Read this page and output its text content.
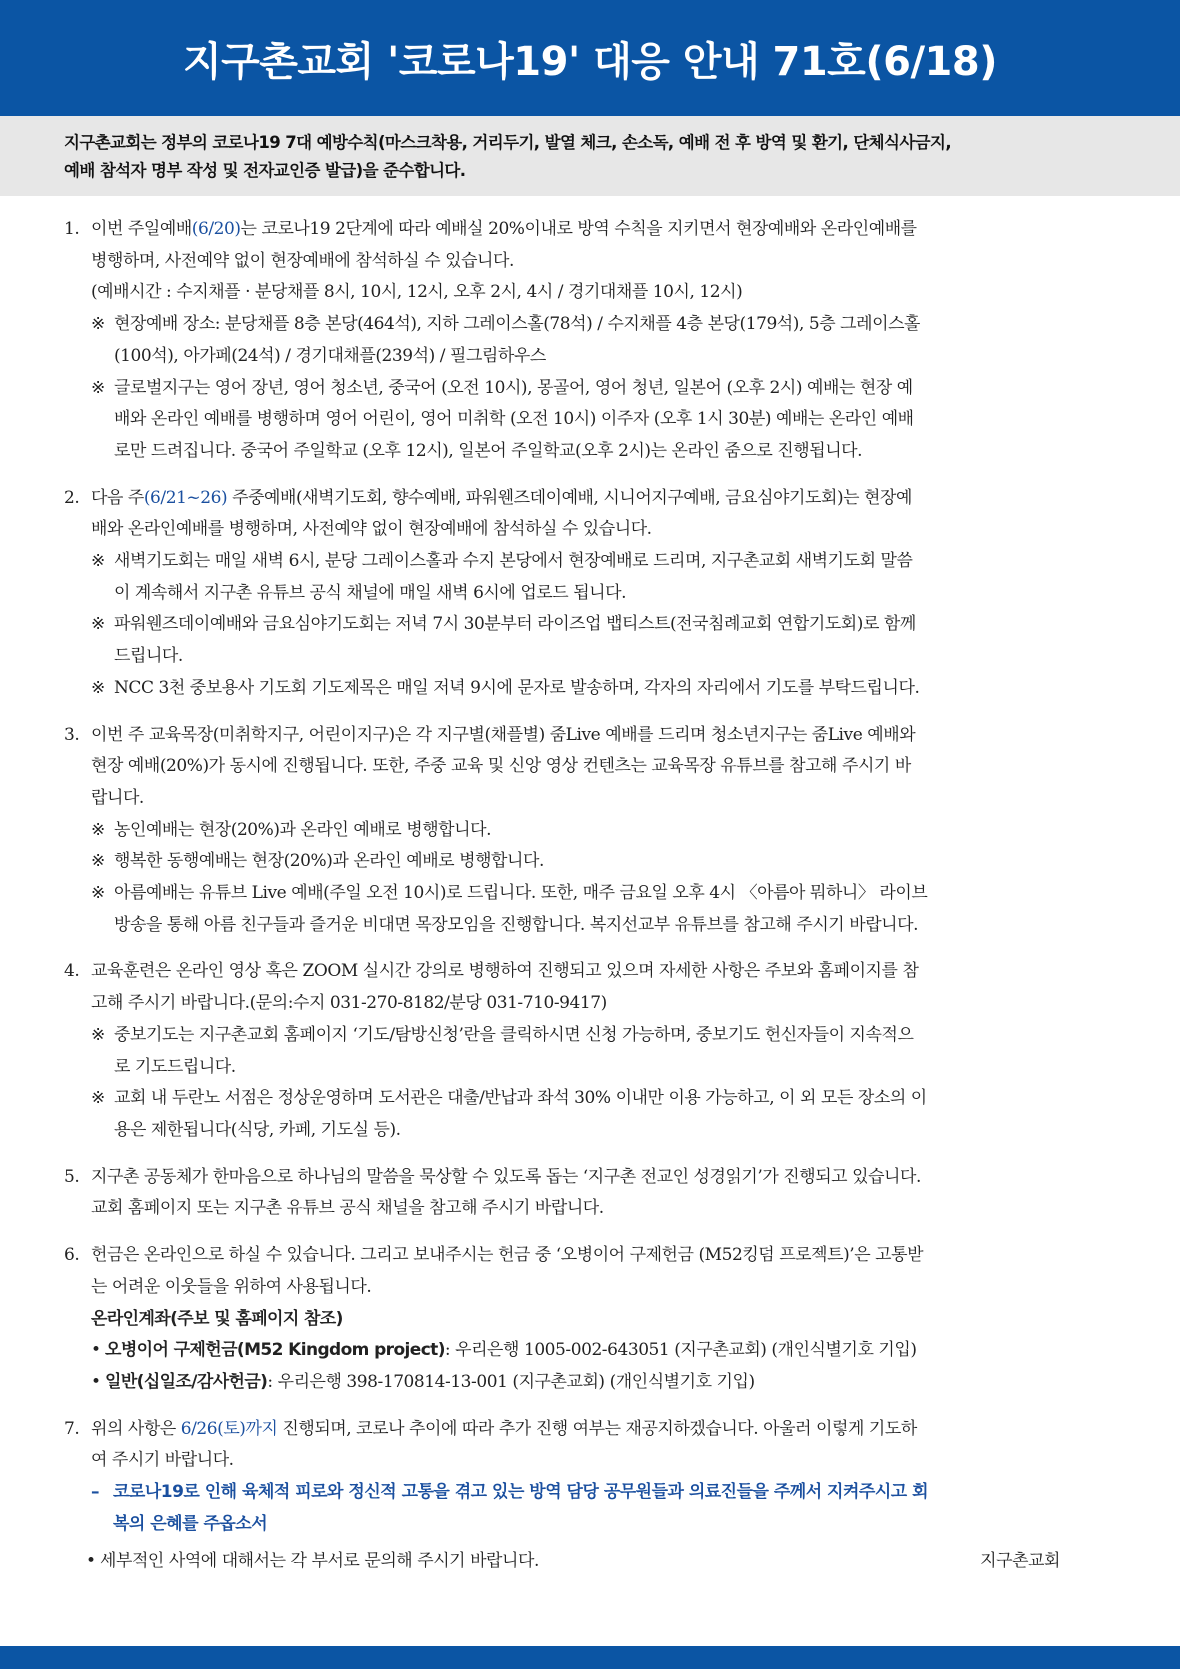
지구촌교회 '코로나19' 대응 안내 71호(6/18)
지구촌교회는 정부의 코로나19 7대 예방수칙(마스크착용, 거리두기, 발열 체크, 손소독, 예배 전 후 방역 및 환기, 단체식사금지,
예배 참석자 명부 작성 및 전자교인증 발급)을 준수합니다.
1. 이번 주일예배(6/20)는 코로나19 2단계에 따라 예배실 20%이내로 방역 수칙을 지키면서 현장예배와 온라인예배를
병행하며, 사전예약 없이 현장예배에 참석하실 수 있습니다.
(예배시간 : 수지채플 · 분당채플 8시, 10시, 12시, 오후 2시, 4시 / 경기대채플 10시, 12시)
※ 현장예배 장소: 분당채플 8층 본당(464석), 지하 그레이스홀(78석) / 수지채플 4층 본당(179석), 5층 그레이스홀
(100석), 아가페(24석) / 경기대채플(239석) / 필그림하우스
※ 글로벌지구는 영어 장년, 영어 청소년, 중국어 (오전 10시), 몽골어, 영어 청년, 일본어 (오후 2시) 예배는 현장 예
배와 온라인 예배를 병행하며 영어 어린이, 영어 미취학 (오전 10시) 이주자 (오후 1시 30분) 예배는 온라인 예배
로만 드려집니다. 중국어 주일학교 (오후 12시), 일본어 주일학교(오후 2시)는 온라인 줌으로 진행됩니다.
2. 다음 주(6/21~26) 주중예배(새벽기도회, 향수예배, 파워웬즈데이예배, 시니어지구예배, 금요심야기도회)는 현장예
배와 온라인예배를 병행하며, 사전예약 없이 현장예배에 참석하실 수 있습니다.
※ 새벽기도회는 매일 새벽 6시, 분당 그레이스홀과 수지 본당에서 현장예배로 드리며, 지구촌교회 새벽기도회 말씀
이 계속해서 지구촌 유튜브 공식 채널에 매일 새벽 6시에 업로드 됩니다.
※ 파워웬즈데이예배와 금요심야기도회는 저녁 7시 30분부터 라이즈업 뱁티스트(전국침례교회 연합기도회)로 함께
드립니다.
※ NCC 3천 중보용사 기도회 기도제목은 매일 저녁 9시에 문자로 발송하며, 각자의 자리에서 기도를 부탁드립니다.
3. 이번 주 교육목장(미취학지구, 어린이지구)은 각 지구별(채플별) 줌Live 예배를 드리며 청소년지구는 줌Live 예배와
현장 예배(20%)가 동시에 진행됩니다. 또한, 주중 교육 및 신앙 영상 컨텐츠는 교육목장 유튜브를 참고해 주시기 바
랍니다.
※ 농인예배는 현장(20%)과 온라인 예배로 병행합니다.
※ 행복한 동행예배는 현장(20%)과 온라인 예배로 병행합니다.
※ 아름예배는 유튜브 Live 예배(주일 오전 10시)로 드립니다. 또한, 매주 금요일 오후 4시 〈아름아 뭐하니〉 라이브
방송을 통해 아름 친구들과 즐거운 비대면 목장모임을 진행합니다. 복지선교부 유튜브를 참고해 주시기 바랍니다.
4. 교육훈련은 온라인 영상 혹은 ZOOM 실시간 강의로 병행하여 진행되고 있으며 자세한 사항은 주보와 홈페이지를 참
고해 주시기 바랍니다.(문의:수지 031-270-8182/분당 031-710-9417)
※ 중보기도는 지구촌교회 홈페이지 ‘기도/탐방신청’란을 클릭하시면 신청 가능하며, 중보기도 헌신자들이 지속적으
로 기도드립니다.
※ 교회 내 두란노 서점은 정상운영하며 도서관은 대출/반납과 좌석 30% 이내만 이용 가능하고, 이 외 모든 장소의 이
용은 제한됩니다(식당, 카페, 기도실 등).
5. 지구촌 공동체가 한마음으로 하나님의 말씀을 묵상할 수 있도록 돕는 ‘지구촌 전교인 성경읽기’가 진행되고 있습니다.
교회 홈페이지 또는 지구촌 유튜브 공식 채널을 참고해 주시기 바랍니다.
6. 헌금은 온라인으로 하실 수 있습니다. 그리고 보내주시는 헌금 중 ‘오병이어 구제헌금 (M52킹덤 프로젝트)’은 고통받
는 어려운 이웃들을 위하여 사용됩니다.
온라인계좌(주보 및 홈페이지 참조)
• 오병이어 구제헌금(M52 Kingdom project): 우리은행 1005-002-643051 (지구촌교회) (개인식별기호 기입)
• 일반(십일조/감사헌금): 우리은행 398-170814-13-001 (지구촌교회) (개인식별기호 기입)
7. 위의 사항은 6/26(토)까지 진행되며, 코로나 추이에 따라 추가 진행 여부는 재공지하겠습니다. 아울러 이렇게 기도하
여 주시기 바랍니다.
– 코로나19로 인해 육체적 피로와 정신적 고통을 겪고 있는 방역 담당 공무원들과 의료진들을 주께서 지켜주시고 회
복의 은혜를 주옵소서
• 세부적인 사역에 대해서는 각 부서로 문의해 주시기 바랍니다.	지구촌교회
